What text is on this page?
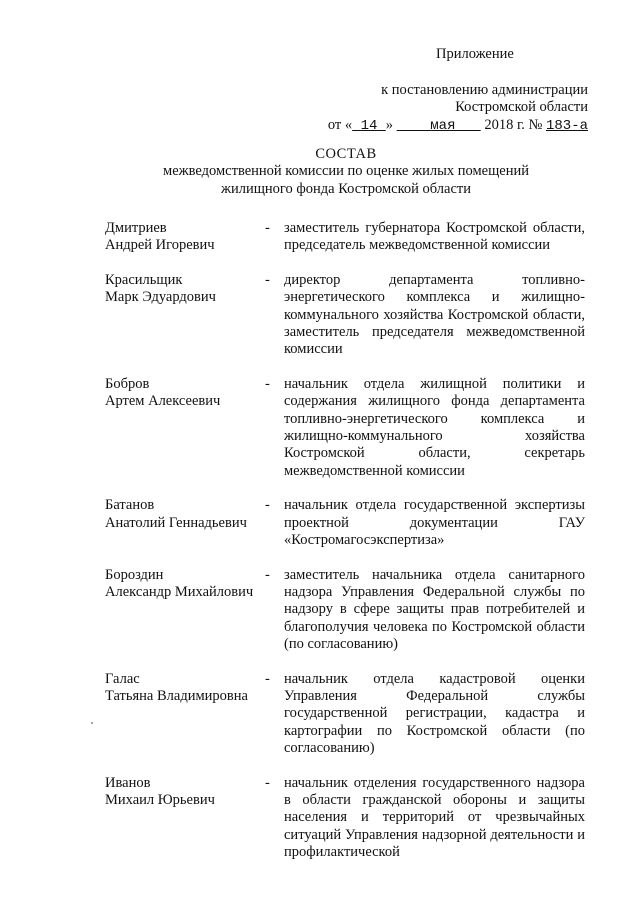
Приложение
к постановлению администрации
Костромской области
от « 14 »	мая 2018 г. № 183-а
СОСТАВ
межведомственной комиссии по оценке жилых помещений
жилищного фонда Костромской области
Дмитриев
Андрей Игоревич
- заместитель губернатора Костромской области, председатель межведомственной комиссии
Красильщик
Марк Эдуардович
- директор департамента топливно-энергетического комплекса и жилищно-коммунального хозяйства Костромской области, заместитель председателя межведомственной комиссии
Бобров
Артем Алексеевич
- начальник отдела жилищной политики и содержания жилищного фонда департамента топливно-энергетического комплекса и жилищно-коммунального хозяйства Костромской области, секретарь межведомственной комиссии
Батанов
Анатолий Геннадьевич
- начальник отдела государственной экспертизы проектной документации ГАУ «Костромагосэкспертиза»
Бороздин
Александр Михайлович
- заместитель начальника отдела санитарного надзора Управления Федеральной службы по надзору в сфере защиты прав потребителей и благополучия человека по Костромской области (по согласованию)
Галас
Татьяна Владимировна
- начальник отдела кадастровой оценки Управления Федеральной службы государственной регистрации, кадастра и картографии по Костромской области (по согласованию)
Иванов
Михаил Юрьевич
- начальник отделения государственного надзора в области гражданской обороны и защиты населения и территорий от чрезвычайных ситуаций Управления надзорной деятельности и профилактической
